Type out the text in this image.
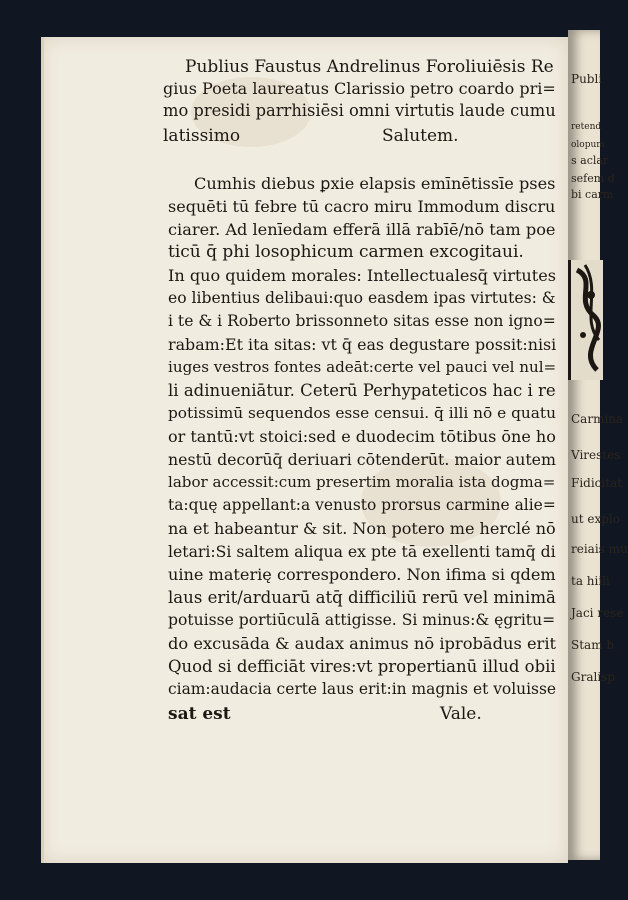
Publi
retend
olopum
s aclar
sefem d
bi carm
Carmina
Virestes
Fidicitat
ut explo
reiais mu
ta hiili
Jaci rese
Stam b
Gralisp
Publius Faustus Andrelinus Foroliuiēsis Re
gius Poeta laureatus Clarissio petro coardo pri=
mo presidi parrhisiēsi omni virtutis laude cumu
latissimo	Salutem.
Cumhis diebus ꝑxie elapsis emīnētissīe pses
sequēti tū febre tū cacro miru Immodum discru
ciarer. Ad lenīedam efferā illā rabīē/nō tam poe
ticū q̄ phi losophicum carmen excogitaui.
In quo quidem morales: Intellectualesq̄ virtutes
eo libentius delibaui:quo easdem ipas virtutes: &
i te & i Roberto brissonneto sitas esse non igno=
rabam:Et ita sitas: vt q̄ eas degustare possit:nisi
iuges vestros fontes adeāt:certe vel pauci vel nul=
li adinueniātur. Ceterū Perhypateticos hac i re
potissimū sequendos esse censui. q̄ illi nō e quatu
or tantū:vt stoici:sed e duodecim tōtibus ōne ho
nestū decorūq̄ deriuari cōtenderūt. maior autem
labor accessit:cum presertim moralia ista dogma=
ta:quę appellant:a venusto prorsus carmine alie=
na et habeantur & sit. Non potero me herclé nō
letari:Si saltem aliqua ex pte tā exellenti tamq̄ di
uine materię correspondero. Non ifima si qdem
laus erit/arduarū atq̄ difficiliū rerū vel minimā
potuisse portiūculā attigisse. Si minus:& ęgritu=
do excusāda & audax animus nō iprobādus erit
Quod si defficiāt vires:vt propertianū illud obii
ciam:audacia certe laus erit:in magnis et voluisse
sat est	Vale.
